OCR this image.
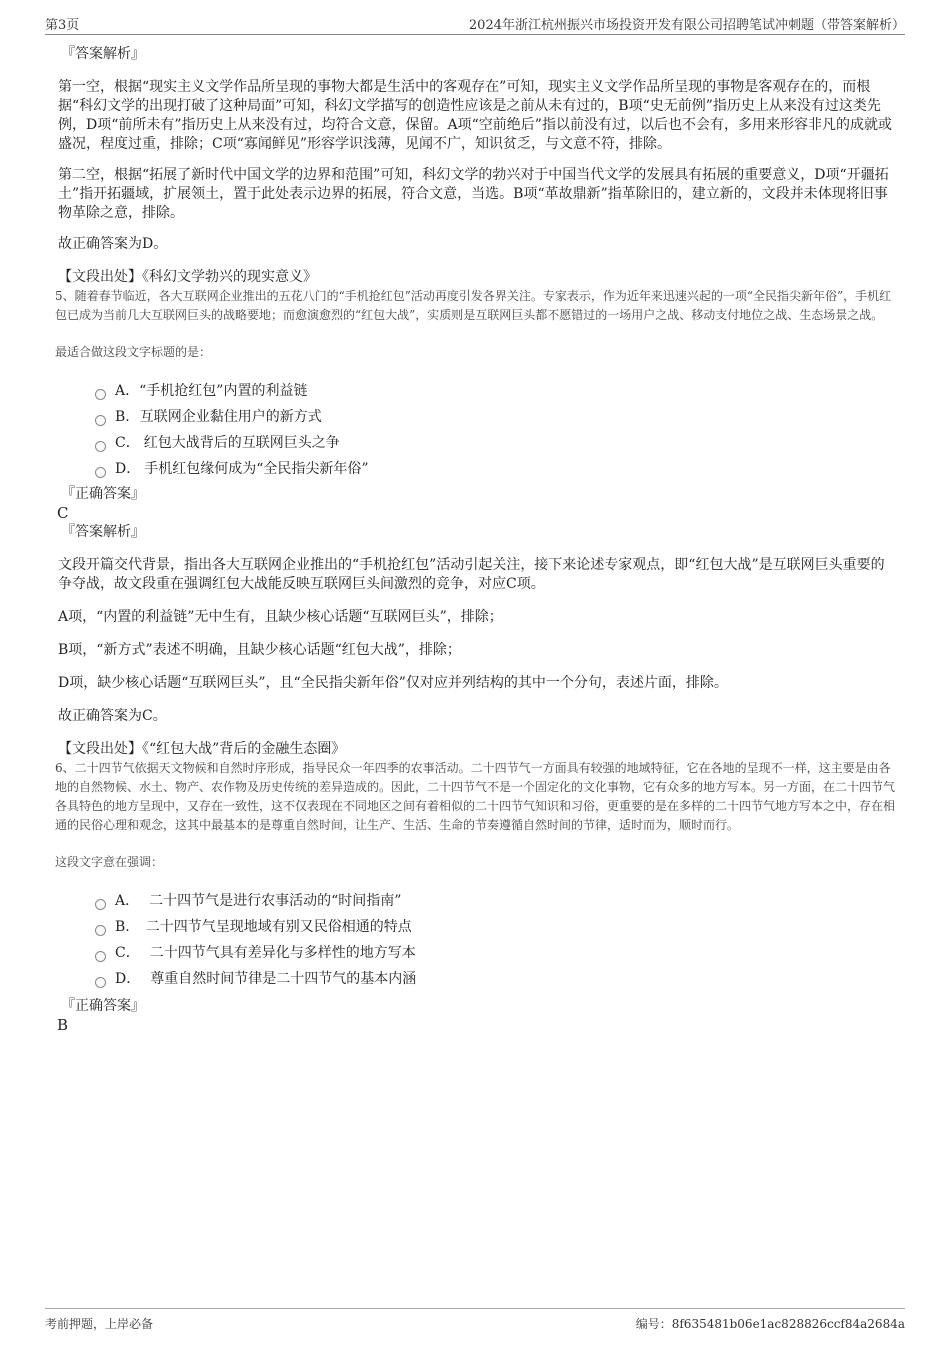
第3页	2024年浙江杭州振兴市场投资开发有限公司招聘笔试冲刺题（带答案解析）

『答案解析』

第一空，根据“现实主义文学作品所呈现的事物大都是生活中的客观存在”可知，现实主义文学作品所呈现的事物是客观存在的，而根据“科幻文学的出现打破了这种局面”可知，科幻文学描写的创造性应该是之前从未有过的，B项“史无前例”指历史上从来没有过这类先例，D项“前所未有”指历史上从来没有过，均符合文意，保留。A项“空前绝后”指以前没有过，以后也不会有，多用来形容非凡的成就或盛况，程度过重，排除；C项“寡闻鲜见”形容学识浅薄，见闻不广，知识贫乏，与文意不符，排除。

第二空，根据“拓展了新时代中国文学的边界和范围”可知，科幻文学的勃兴对于中国当代文学的发展具有拓展的重要意义，D项“开疆拓土”指开拓疆域，扩展领土，置于此处表示边界的拓展，符合文意，当选。B项“革故鼎新”指革除旧的，建立新的，文段并未体现将旧事物革除之意，排除。

故正确答案为D。

【文段出处】《科幻文学勃兴的现实意义》

5、随着春节临近，各大互联网企业推出的五花八门的“手机抢红包”活动再度引发各界关注。专家表示，作为近年来迅速兴起的一项“全民指尖新年俗”，手机红包已成为当前几大互联网巨头的战略要地；而愈演愈烈的“红包大战”，实质则是互联网巨头都不愿错过的一场用户之战、移动支付地位之战、生态场景之战。

最适合做这段文字标题的是：

A． “手机抢红包”内置的利益链
B. 互联网企业黏住用户的新方式
C． 红包大战背后的互联网巨头之争
D． 手机红包缘何成为“全民指尖新年俗”

『正确答案』

C

『答案解析』

文段开篇交代背景，指出各大互联网企业推出的“手机抢红包”活动引起关注，接下来论述专家观点，即“红包大战”是互联网巨头重要的争夺战，故文段重在强调红包大战能反映互联网巨头间激烈的竞争，对应C项。

A项，“内置的利益链”无中生有，且缺少核心话题“互联网巨头”，排除；

B项，“新方式”表述不明确，且缺少核心话题“红包大战”，排除；

D项，缺少核心话题“互联网巨头”，且“全民指尖新年俗”仅对应并列结构的其中一个分句，表述片面，排除。

故正确答案为C。

【文段出处】《“红包大战”背后的金融生态圈》

6、二十四节气依据天文物候和自然时序形成，指导民众一年四季的农事活动。二十四节气一方面具有较强的地域特征，它在各地的呈现不一样，这主要是由各地的自然物候、水土、物产、农作物及历史传统的差异造成的。因此，二十四节气不是一个固定化的文化事物，它有众多的地方写本。另一方面，在二十四节气各具特色的地方呈现中，又存在一致性，这不仅表现在不同地区之间有着相似的二十四节气知识和习俗，更重要的是在多样的二十四节气地方写本之中，存在相通的民俗心理和观念，这其中最基本的是尊重自然时间，让生产、生活、生命的节奏遵循自然时间的节律，适时而为，顺时而行。

这段文字意在强调：

A． 二十四节气是进行农事活动的“时间指南”
B. 二十四节气呈现地域有别又民俗相通的特点
C． 二十四节气具有差异化与多样性的地方写本
D． 尊重自然时间节律是二十四节气的基本内涵

『正确答案』

B

考前押题，上岸必备	编号：8f635481b06e1ac828826ccf84a2684a
